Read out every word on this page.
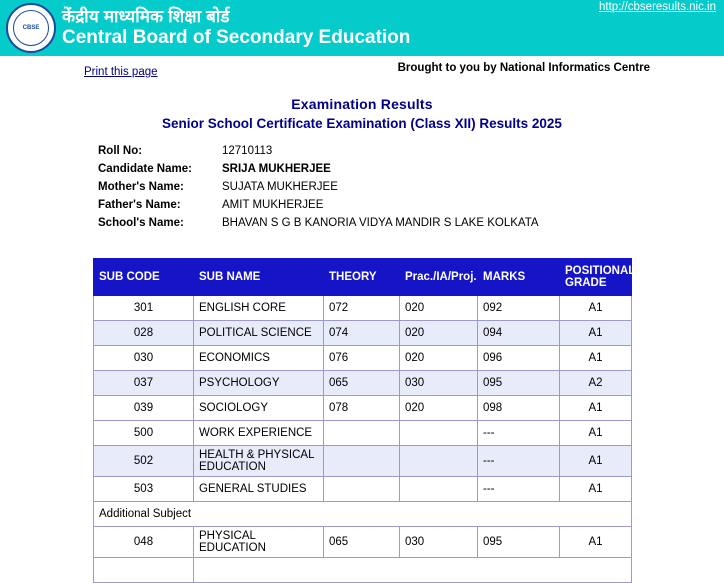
CBSE
केंद्रीय माध्यमिक शिक्षा बोर्ड
Central Board of Secondary Education
http://cbseresults.nic.in
Print this page	Brought to you by National Informatics Centre
Examination Results
Senior School Certificate Examination (Class XII) Results 2025
Roll No:	12710113
Candidate Name:	SRIJA MUKHERJEE
Mother's Name:	SUJATA MUKHERJEE
Father's Name:	AMIT MUKHERJEE
School's Name:	BHAVAN S G B KANORIA VIDYA MANDIR S LAKE KOLKATA
SUB CODE	SUB NAME	THEORY	Prac./IA/Proj.	MARKS	POSITIONAL GRADE
301	ENGLISH CORE	072	020	092	A1
028	POLITICAL SCIENCE	074	020	094	A1
030	ECONOMICS	076	020	096	A1
037	PSYCHOLOGY	065	030	095	A2
039	SOCIOLOGY	078	020	098	A1
500	WORK EXPERIENCE			---	A1
502	HEALTH & PHYSICAL EDUCATION			---	A1
503	GENERAL STUDIES			---	A1
Additional Subject					
048	PHYSICAL EDUCATION	065	030	095	A1
	Result : PASS				
